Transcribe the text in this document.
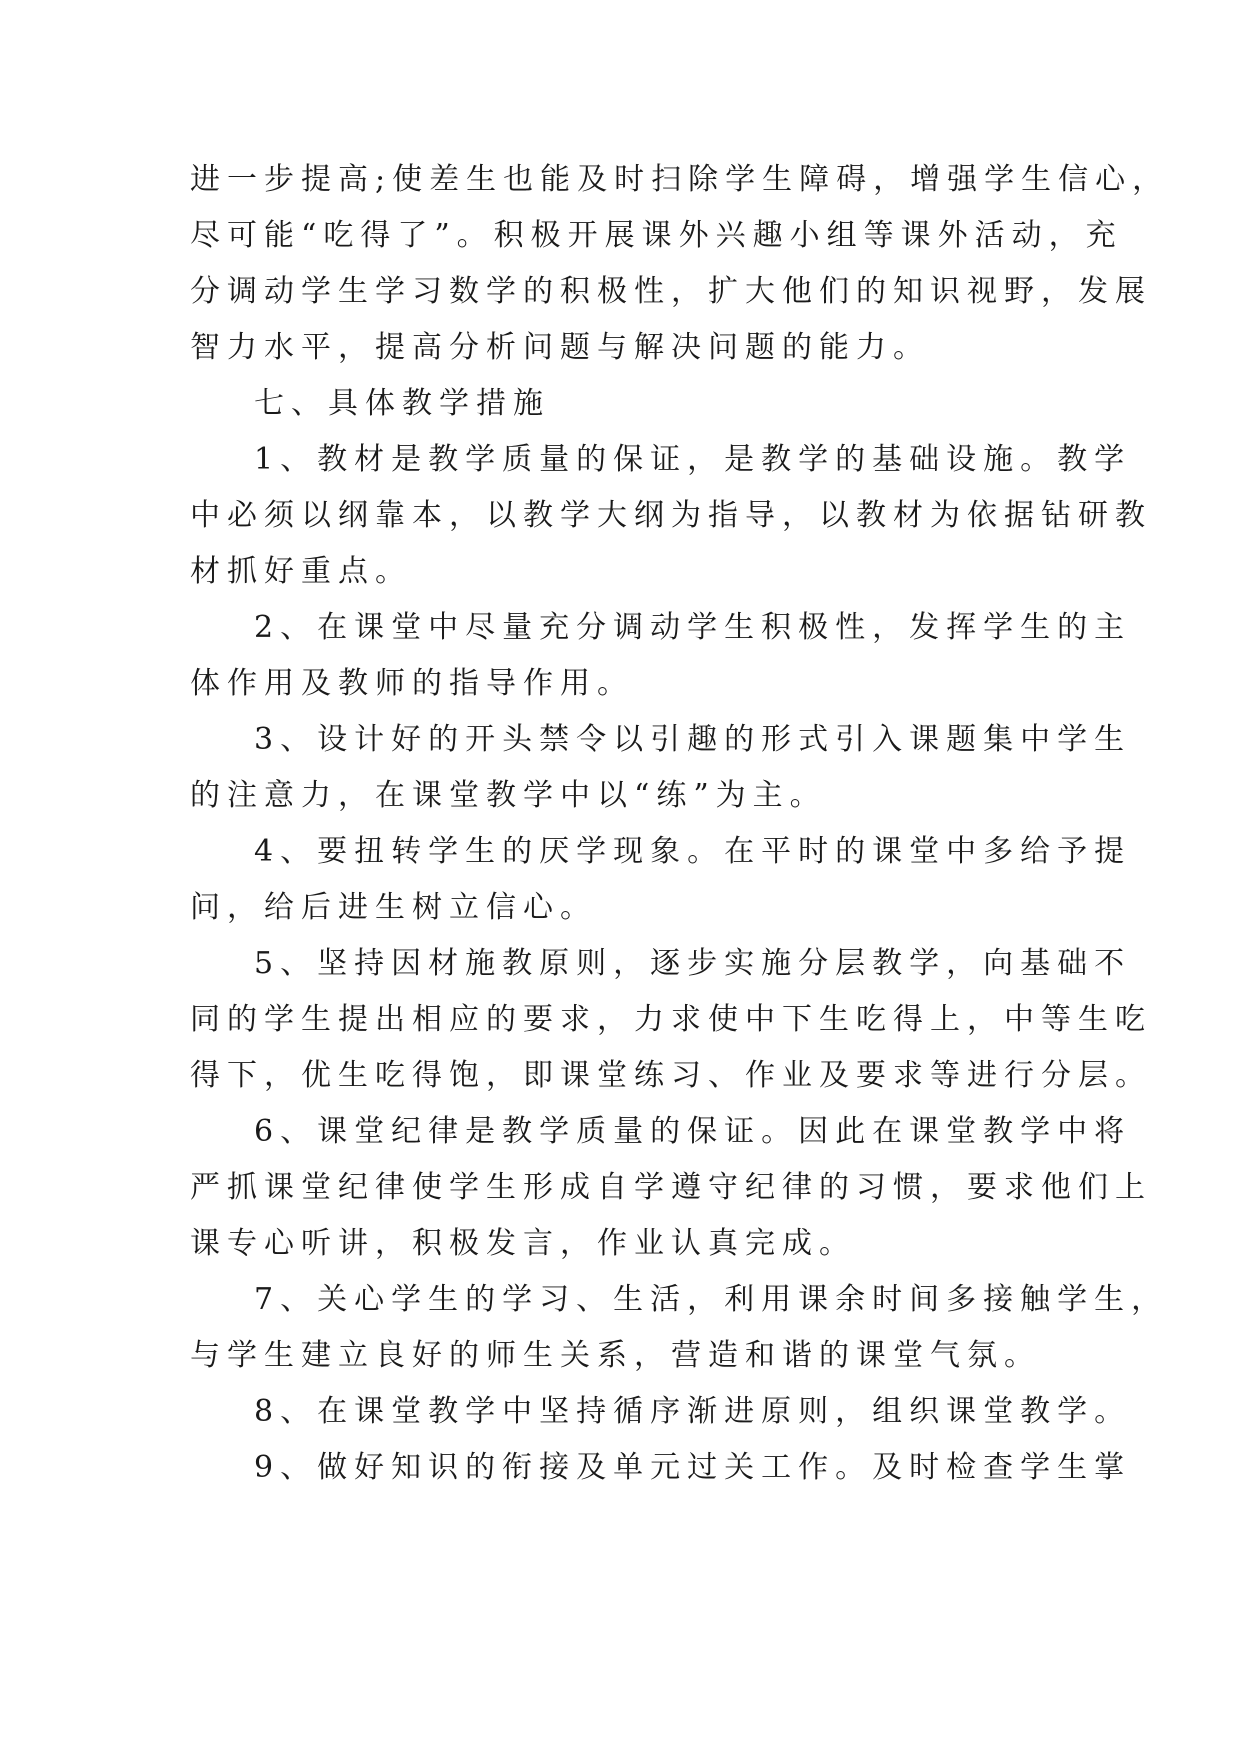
进一步提高;使差生也能及时扫除学生障碍，增强学生信心，
尽可能“吃得了”。积极开展课外兴趣小组等课外活动，充
分调动学生学习数学的积极性，扩大他们的知识视野，发展
智力水平，提高分析问题与解决问题的能力。
七、具体教学措施
1、教材是教学质量的保证，是教学的基础设施。教学
中必须以纲靠本，以教学大纲为指导，以教材为依据钻研教
材抓好重点。
2、在课堂中尽量充分调动学生积极性，发挥学生的主
体作用及教师的指导作用。
3、设计好的开头禁令以引趣的形式引入课题集中学生
的注意力，在课堂教学中以“练”为主。
4、要扭转学生的厌学现象。在平时的课堂中多给予提
问，给后进生树立信心。
5、坚持因材施教原则，逐步实施分层教学，向基础不
同的学生提出相应的要求，力求使中下生吃得上，中等生吃
得下，优生吃得饱，即课堂练习、作业及要求等进行分层。
6、课堂纪律是教学质量的保证。因此在课堂教学中将
严抓课堂纪律使学生形成自学遵守纪律的习惯，要求他们上
课专心听讲，积极发言，作业认真完成。
7、关心学生的学习、生活，利用课余时间多接触学生，
与学生建立良好的师生关系，营造和谐的课堂气氛。
8、在课堂教学中坚持循序渐进原则，组织课堂教学。
9、做好知识的衔接及单元过关工作。及时检查学生掌
